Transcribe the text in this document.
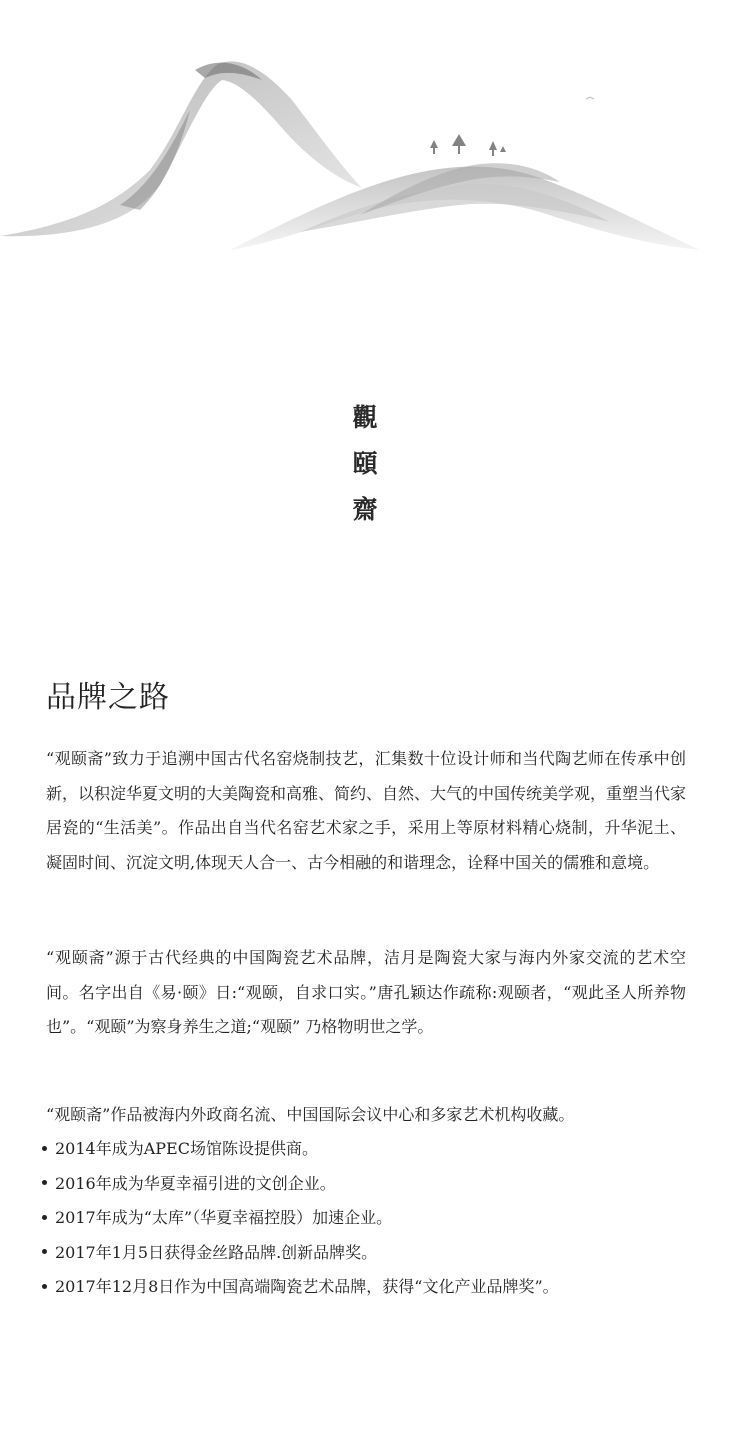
觀
頤
齋
品牌之路

“观颐斋”致力于追溯中国古代名窑烧制技艺，汇集数十位设计师和当代陶艺师在传承中创新，以积淀华夏文明的大美陶瓷和高雅、简约、自然、大气的中国传统美学观，重塑当代家居瓷的“生活美”。作品出自当代名窑艺术家之手，采用上等原材料精心烧制，升华泥土、凝固时间、沉淀文明,体现天人合一、古今相融的和谐理念，诠释中国关的儒雅和意境。

“观颐斋”源于古代经典的中国陶瓷艺术品牌，洁月是陶瓷大家与海内外家交流的艺术空间。名字出自《易·颐》日:“观颐，自求口实。”唐孔颖达作疏称:观颐者，“观此圣人所养物也”。“观颐”为察身养生之道;“观颐” 乃格物明世之学。

“观颐斋”作品被海内外政商名流、中国国际会议中心和多家艺术机构收藏。

2014年成为APEC场馆陈设提供商。
2016年成为华夏幸福引进的文创企业。
2017年成为“太库”（华夏幸福控股）加速企业。
2017年1月5日获得金丝路品牌.创新品牌奖。
2017年12月8日作为中国高端陶瓷艺术品牌，获得“文化产业品牌奖”。
